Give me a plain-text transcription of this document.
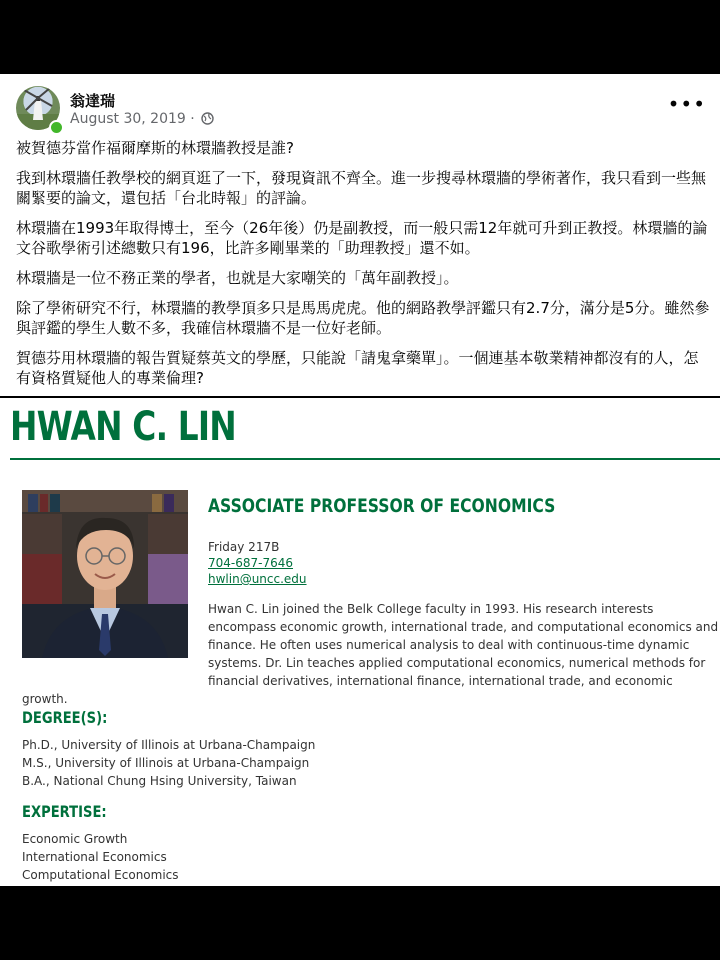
翁達瑞
August 30, 2019 ·
•••

被賀德芬當作福爾摩斯的林環牆教授是誰?

我到林環牆任教學校的網頁逛了一下，發現資訊不齊全。進一步搜尋林環牆的學術著作，我只看到一些無關緊要的論文，還包括「台北時報」的評論。

林環牆在1993年取得博士，至今（26年後）仍是副教授，而一般只需12年就可升到正教授。林環牆的論文谷歌學術引述總數只有196，比許多剛畢業的「助理教授」還不如。

林環牆是一位不務正業的學者，也就是大家嘲笑的「萬年副教授」。

除了學術研究不行，林環牆的教學頂多只是馬馬虎虎。他的網路教學評鑑只有2.7分，滿分是5分。雖然參與評鑑的學生人數不多，我確信林環牆不是一位好老師。

賀德芬用林環牆的報告質疑蔡英文的學歷，只能說「請鬼拿藥單」。一個連基本敬業精神都沒有的人，怎有資格質疑他人的專業倫理?

HWAN C. LIN
ASSOCIATE PROFESSOR OF ECONOMICS
Friday 217B
704-687-7646
hwlin@uncc.edu
Hwan C. Lin joined the Belk College faculty in 1993. His research interests encompass economic growth, international trade, and computational economics and finance. He often uses numerical analysis to deal with continuous-time dynamic systems. Dr. Lin teaches applied computational economics, numerical methods for financial derivatives, international finance, international trade, and economic growth.
DEGREE(S):
Ph.D., University of Illinois at Urbana-Champaign
M.S., University of Illinois at Urbana-Champaign
B.A., National Chung Hsing University, Taiwan
EXPERTISE:
Economic Growth
International Economics
Computational Economics
